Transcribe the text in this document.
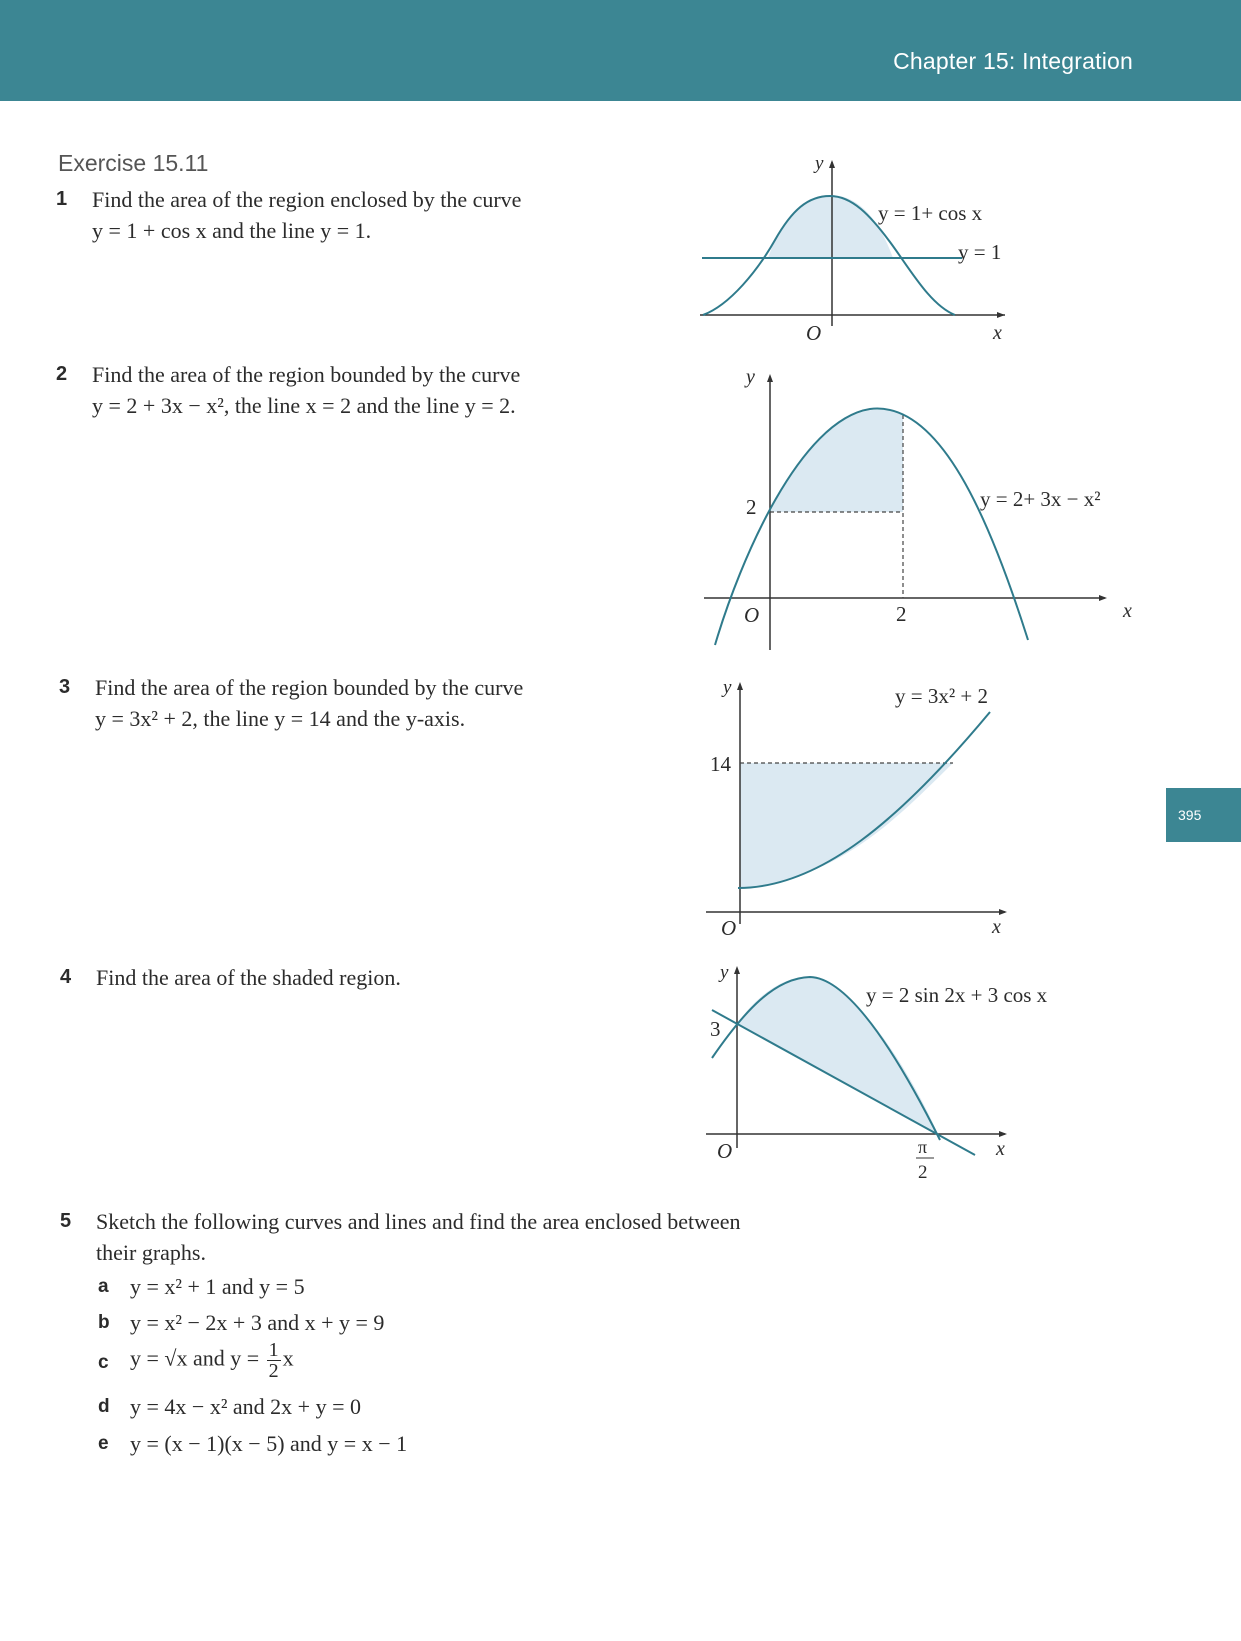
Chapter 15: Integration
395
Exercise 15.11
1 Find the area of the region enclosed by the curve
y = 1 + cos x and the line y = 1.
2 Find the area of the region bounded by the curve
y = 2 + 3x − x², the line x = 2 and the line y = 2.
3 Find the area of the region bounded by the curve
y = 3x² + 2, the line y = 14 and the y-axis.
4 Find the area of the shaded region.
5 Sketch the following curves and lines and find the area enclosed between
their graphs.
a y = x² + 1 and y = 5
b y = x² − 2x + 3 and x + y = 9
c y = √x and $y = \frac{1}{2}$ x
d y = 4x − x² and 2x + y = 0
e y = (x − 1)(x − 5) and y = x − 1
y
x
O
y = 1+ cos x
y = 1
y
x
O
2
2
y = 2+ 3x − x²
y
x
O
14
y = 3x² + 2
y
x
O
3
π
2
y = 2 sin 2x + 3 cos x
